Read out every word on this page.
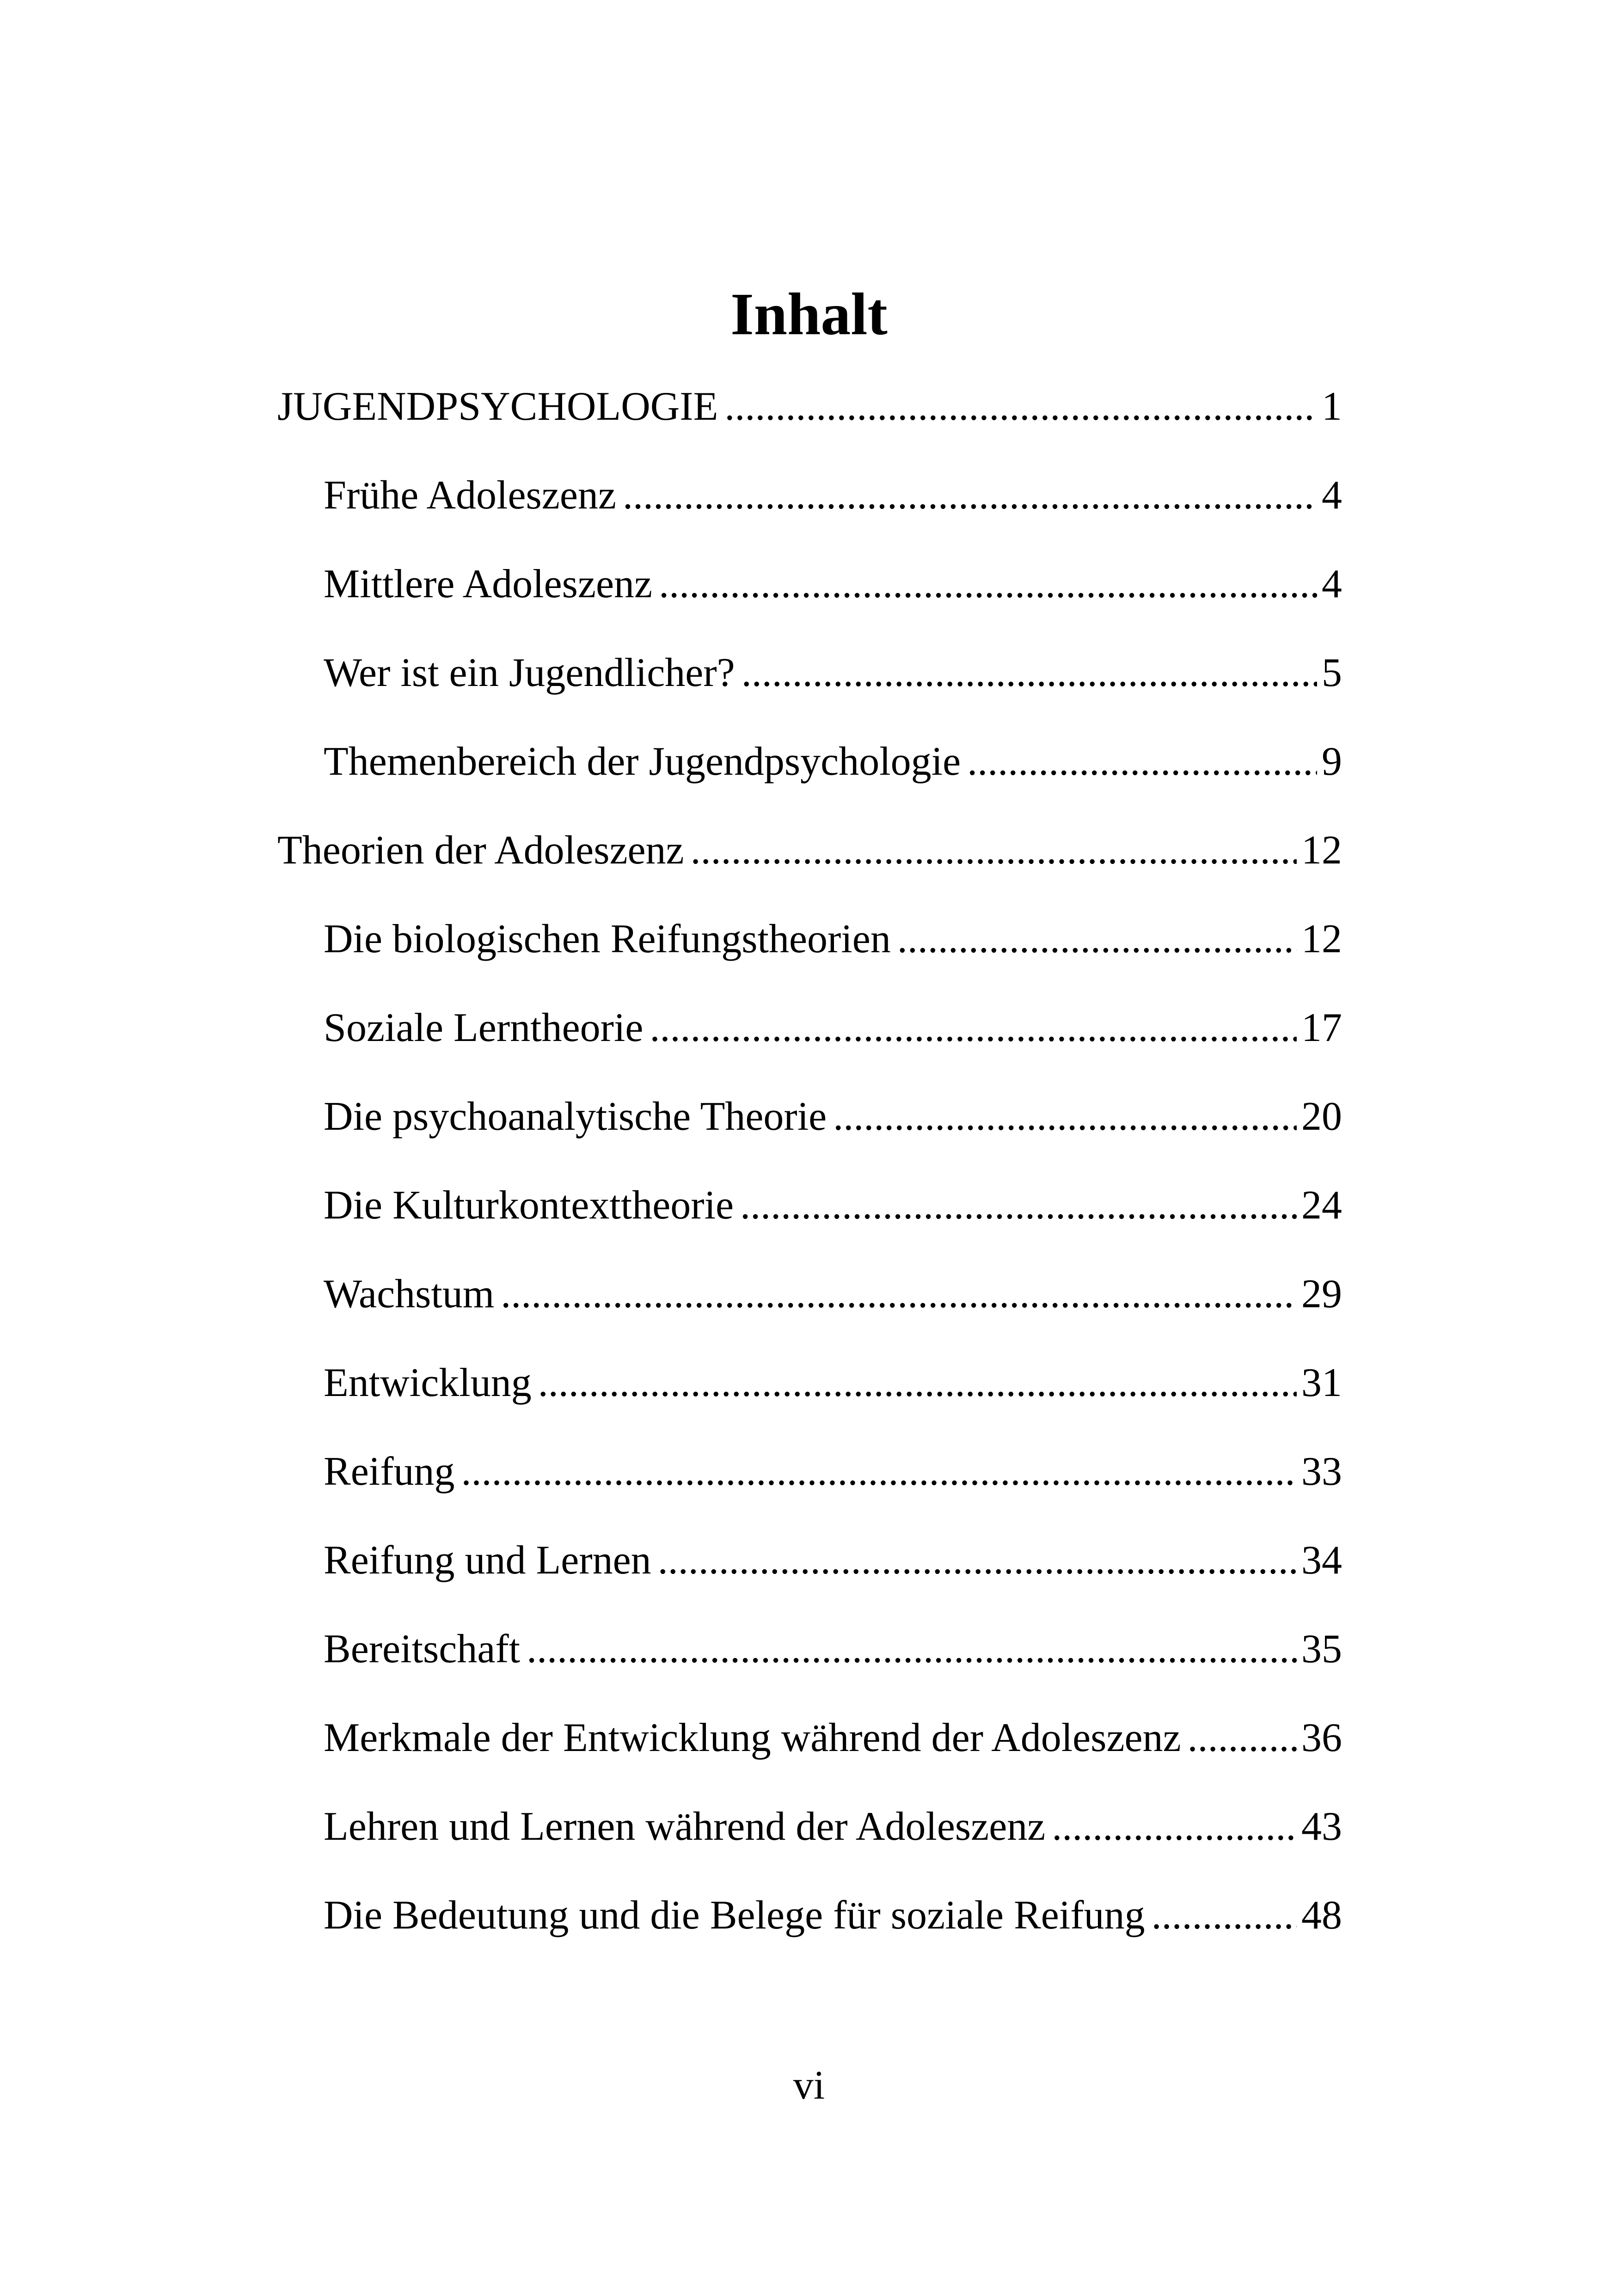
Inhalt
JUGENDPSYCHOLOGIE .....	1
Frühe Adoleszenz .....	4
Mittlere Adoleszenz .....	4
Wer ist ein Jugendlicher? .....	5
Themenbereich der Jugendpsychologie .....	9
Theorien der Adoleszenz .....	12
Die biologischen Reifungstheorien .....	12
Soziale Lerntheorie .....	17
Die psychoanalytische Theorie .....	20
Die Kulturkontexttheorie .....	24
Wachstum .....	29
Entwicklung .....	31
Reifung .....	33
Reifung und Lernen .....	34
Bereitschaft .....	35
Merkmale der Entwicklung während der Adoleszenz .....	36
Lehren und Lernen während der Adoleszenz .....	43
Die Bedeutung und die Belege für soziale Reifung .....	48
vi
